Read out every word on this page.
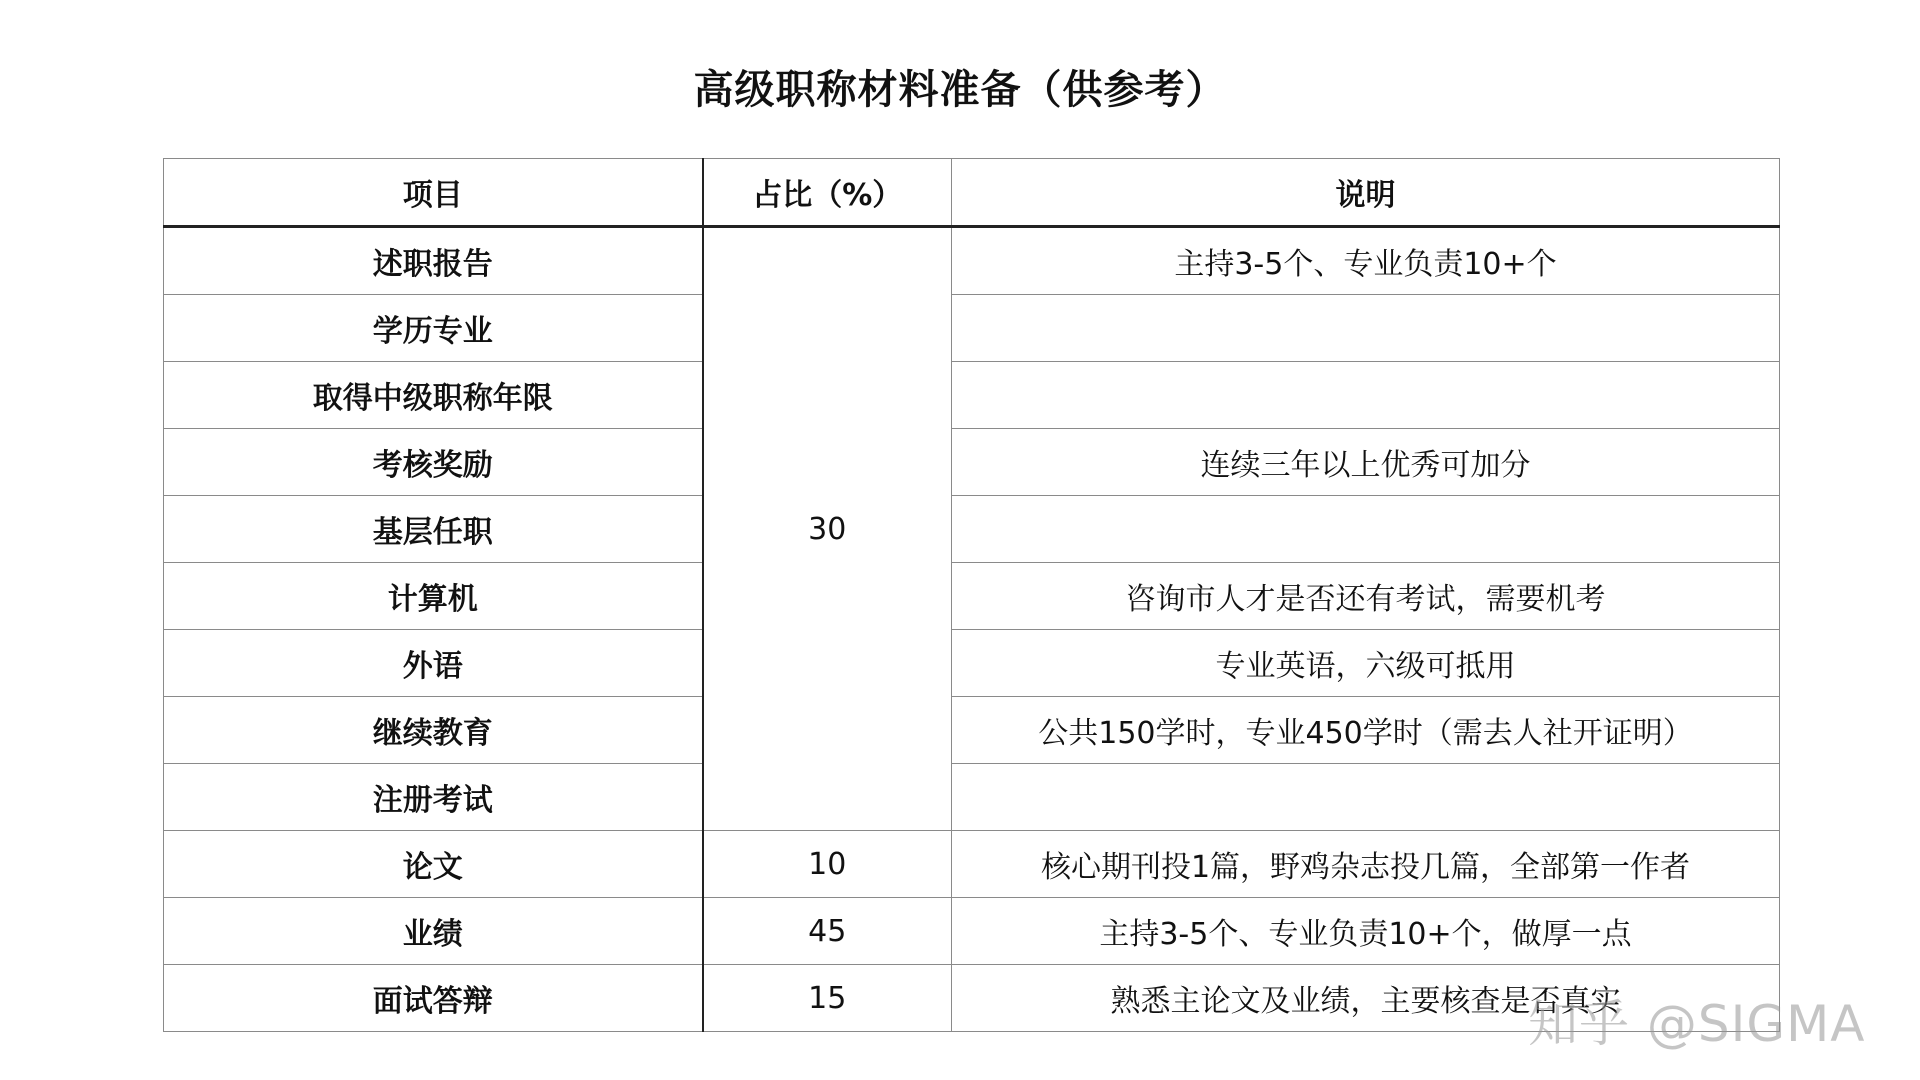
高级职称材料准备（供参考）
项目	占比（%）	说明
述职报告	30	主持3-5个、专业负责10+个
学历专业		
取得中级职称年限		
考核奖励		连续三年以上优秀可加分
基层任职		
计算机		咨询市人才是否还有考试，需要机考
外语		专业英语，六级可抵用
继续教育		公共150学时，专业450学时（需去人社开证明）
注册考试		
论文	10	核心期刊投1篇，野鸡杂志投几篇，全部第一作者
业绩	45	主持3-5个、专业负责10+个，做厚一点
面试答辩	15	熟悉主论文及业绩，主要核查是否真实
知乎 @SIGMA
